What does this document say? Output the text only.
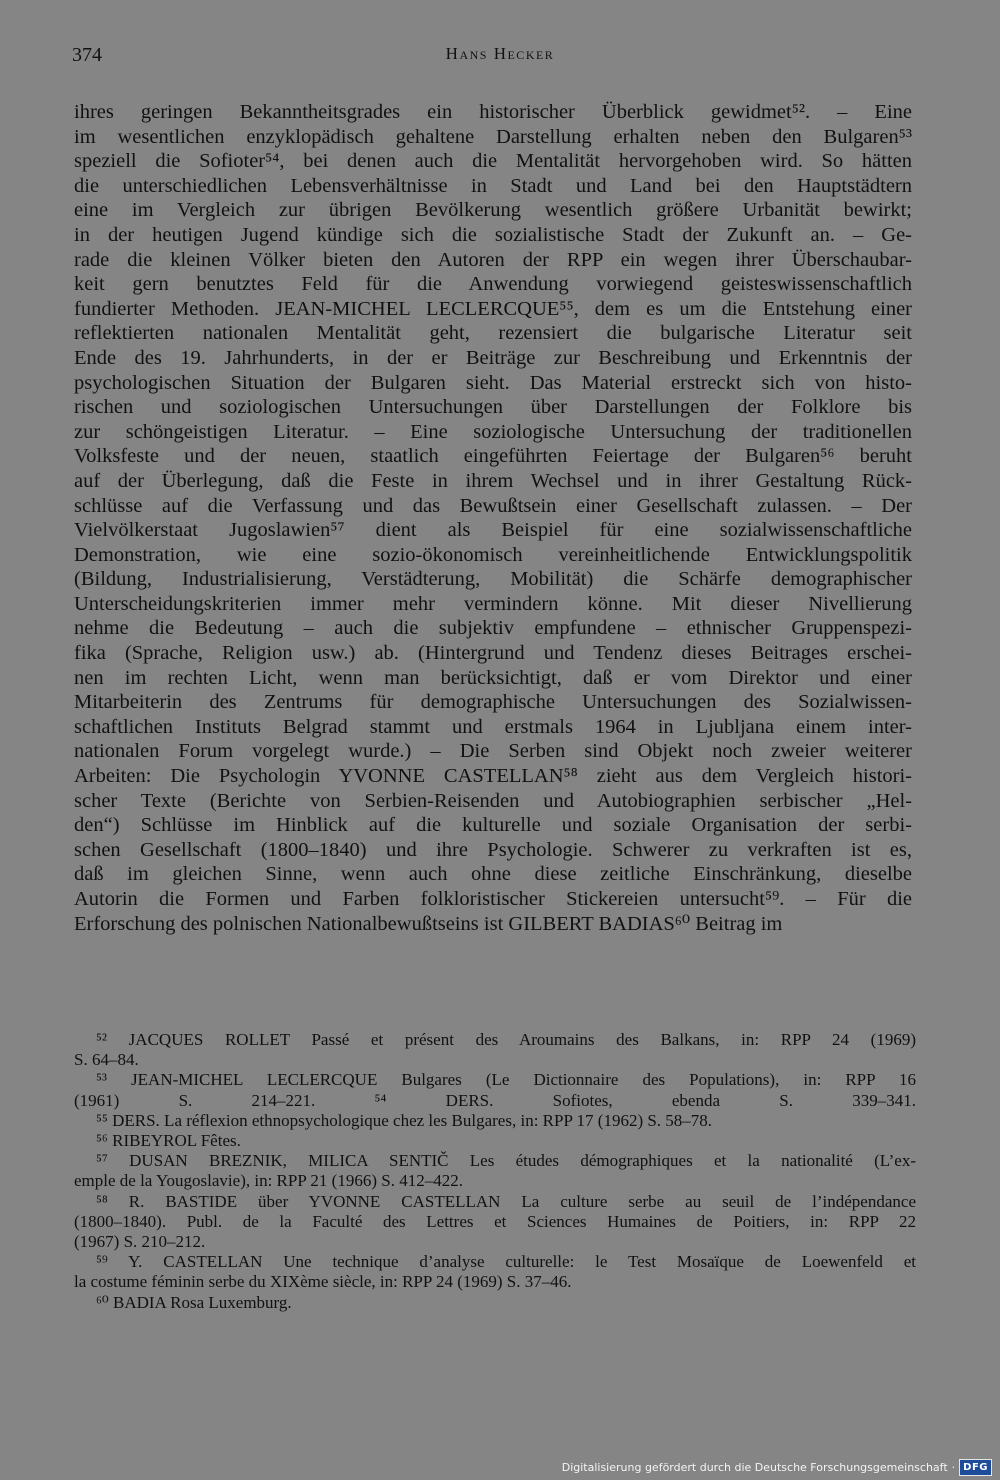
374	Hans Hecker
ihres geringen Bekanntheitsgrades ein historischer Überblick gewidmet⁵². – Eine
im wesentlichen enzyklopädisch gehaltene Darstellung erhalten neben den Bulgaren⁵³
speziell die Sofioter⁵⁴, bei denen auch die Mentalität hervorgehoben wird. So hätten
die unterschiedlichen Lebensverhältnisse in Stadt und Land bei den Hauptstädtern
eine im Vergleich zur übrigen Bevölkerung wesentlich größere Urbanität bewirkt;
in der heutigen Jugend kündige sich die sozialistische Stadt der Zukunft an. – Ge-
rade die kleinen Völker bieten den Autoren der RPP ein wegen ihrer Überschaubar-
keit gern benutztes Feld für die Anwendung vorwiegend geisteswissenschaftlich
fundierter Methoden. JEAN-MICHEL LECLERCQUE⁵⁵, dem es um die Entstehung einer
reflektierten nationalen Mentalität geht, rezensiert die bulgarische Literatur seit
Ende des 19. Jahrhunderts, in der er Beiträge zur Beschreibung und Erkenntnis der
psychologischen Situation der Bulgaren sieht. Das Material erstreckt sich von histo-
rischen und soziologischen Untersuchungen über Darstellungen der Folklore bis
zur schöngeistigen Literatur. – Eine soziologische Untersuchung der traditionellen
Volksfeste und der neuen, staatlich eingeführten Feiertage der Bulgaren⁵⁶ beruht
auf der Überlegung, daß die Feste in ihrem Wechsel und in ihrer Gestaltung Rück-
schlüsse auf die Verfassung und das Bewußtsein einer Gesellschaft zulassen. – Der
Vielvölkerstaat Jugoslawien⁵⁷ dient als Beispiel für eine sozialwissenschaftliche
Demonstration, wie eine sozio-ökonomisch vereinheitlichende Entwicklungspolitik
(Bildung, Industrialisierung, Verstädterung, Mobilität) die Schärfe demographischer
Unterscheidungskriterien immer mehr vermindern könne. Mit dieser Nivellierung
nehme die Bedeutung – auch die subjektiv empfundene – ethnischer Gruppenspezi-
fika (Sprache, Religion usw.) ab. (Hintergrund und Tendenz dieses Beitrages erschei-
nen im rechten Licht, wenn man berücksichtigt, daß er vom Direktor und einer
Mitarbeiterin des Zentrums für demographische Untersuchungen des Sozialwissen-
schaftlichen Instituts Belgrad stammt und erstmals 1964 in Ljubljana einem inter-
nationalen Forum vorgelegt wurde.) – Die Serben sind Objekt noch zweier weiterer
Arbeiten: Die Psychologin YVONNE CASTELLAN⁵⁸ zieht aus dem Vergleich histori-
scher Texte (Berichte von Serbien-Reisenden und Autobiographien serbischer „Hel-
den“) Schlüsse im Hinblick auf die kulturelle und soziale Organisation der serbi-
schen Gesellschaft (1800–1840) und ihre Psychologie. Schwerer zu verkraften ist es,
daß im gleichen Sinne, wenn auch ohne diese zeitliche Einschränkung, dieselbe
Autorin die Formen und Farben folkloristischer Stickereien untersucht⁵⁹. – Für die
Erforschung des polnischen Nationalbewußtseins ist GILBERT BADIAS⁶⁰ Beitrag im
⁵² JACQUES ROLLET Passé et présent des Aroumains des Balkans, in: RPP 24 (1969)
S. 64–84.
⁵³ JEAN-MICHEL LECLERCQUE Bulgares (Le Dictionnaire des Populations), in: RPP 16
(1961) S. 214–221. ⁵⁴ DERS. Sofiotes, ebenda S. 339–341.
⁵⁵ DERS. La réflexion ethnopsychologique chez les Bulgares, in: RPP 17 (1962) S. 58–78.
⁵⁶ RIBEYROL Fêtes.
⁵⁷ DUSAN BREZNIK, MILICA SENTIČ Les études démographiques et la nationalité (L’ex-
emple de la Yougoslavie), in: RPP 21 (1966) S. 412–422.
⁵⁸ R. BASTIDE über YVONNE CASTELLAN La culture serbe au seuil de l’indépendance
(1800–1840). Publ. de la Faculté des Lettres et Sciences Humaines de Poitiers, in: RPP 22
(1967) S. 210–212.
⁵⁹ Y. CASTELLAN Une technique d’analyse culturelle: le Test Mosaïque de Loewenfeld et
la costume féminin serbe du XIXème siècle, in: RPP 24 (1969) S. 37–46.
⁶⁰ BADIA Rosa Luxemburg.
Digitalisierung gefördert durch die Deutsche Forschungsgemeinschaft · DFG
